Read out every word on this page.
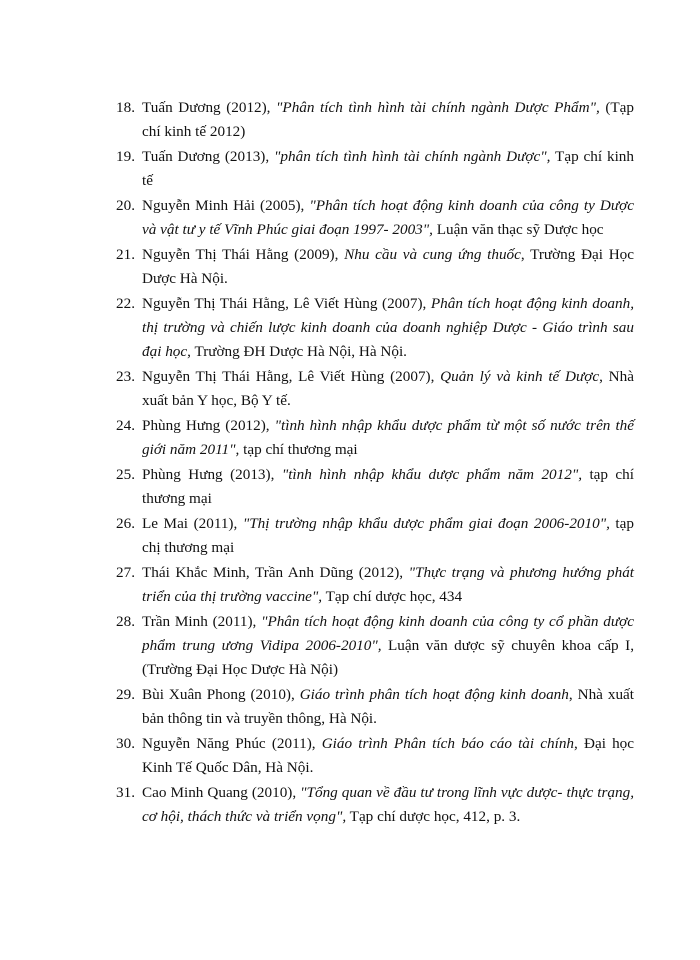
18. Tuấn Dương (2012), "Phân tích tình hình tài chính ngành Dược Phẩm", (Tạp chí kinh tế 2012)
19. Tuấn Dương (2013), "phân tích tình hình tài chính ngành Dược", Tạp chí kinh tế
20. Nguyễn Minh Hải (2005), "Phân tích hoạt động kinh doanh của công ty Dược và vật tư y tế Vĩnh Phúc giai đoạn 1997- 2003", Luận văn thạc sỹ Dược học
21. Nguyễn Thị Thái Hằng (2009), Nhu cầu và cung ứng thuốc, Trường Đại Học Dược Hà Nội.
22. Nguyễn Thị Thái Hằng, Lê Viết Hùng (2007), Phân tích hoạt động kinh doanh, thị trường và chiến lược kinh doanh của doanh nghiệp Dược - Giáo trình sau đại học, Trường ĐH Dược Hà Nội, Hà Nội.
23. Nguyễn Thị Thái Hằng, Lê Viết Hùng (2007), Quản lý và kinh tế Dược, Nhà xuất bản Y học, Bộ Y tế.
24. Phùng Hưng (2012), "tình hình nhập khẩu dược phẩm từ một số nước trên thế giới năm 2011", tạp chí thương mại
25. Phùng Hưng (2013), "tình hình nhập khẩu dược phẩm năm 2012", tạp chí thương mại
26. Le Mai (2011), "Thị trường nhập khẩu dược phẩm giai đoạn 2006-2010", tạp chị thương mại
27. Thái Khắc Minh, Trần Anh Dũng (2012), "Thực trạng và phương hướng phát triển của thị trường vaccine", Tạp chí dược học, 434
28. Trần Minh (2011), "Phân tích hoạt động kinh doanh của công ty cổ phần dược phẩm trung ương Vidipa 2006-2010", Luận văn dược sỹ chuyên khoa cấp I, (Trường Đại Học Dược Hà Nội)
29. Bùi Xuân Phong (2010), Giáo trình phân tích hoạt động kinh doanh, Nhà xuất bản thông tin và truyền thông, Hà Nội.
30. Nguyễn Năng Phúc (2011), Giáo trình Phân tích báo cáo tài chính, Đại học Kinh Tế Quốc Dân, Hà Nội.
31. Cao Minh Quang (2010), "Tổng quan về đầu tư trong lĩnh vực dược- thực trạng, cơ hội, thách thức và triển vọng", Tạp chí dược học, 412, p. 3.
